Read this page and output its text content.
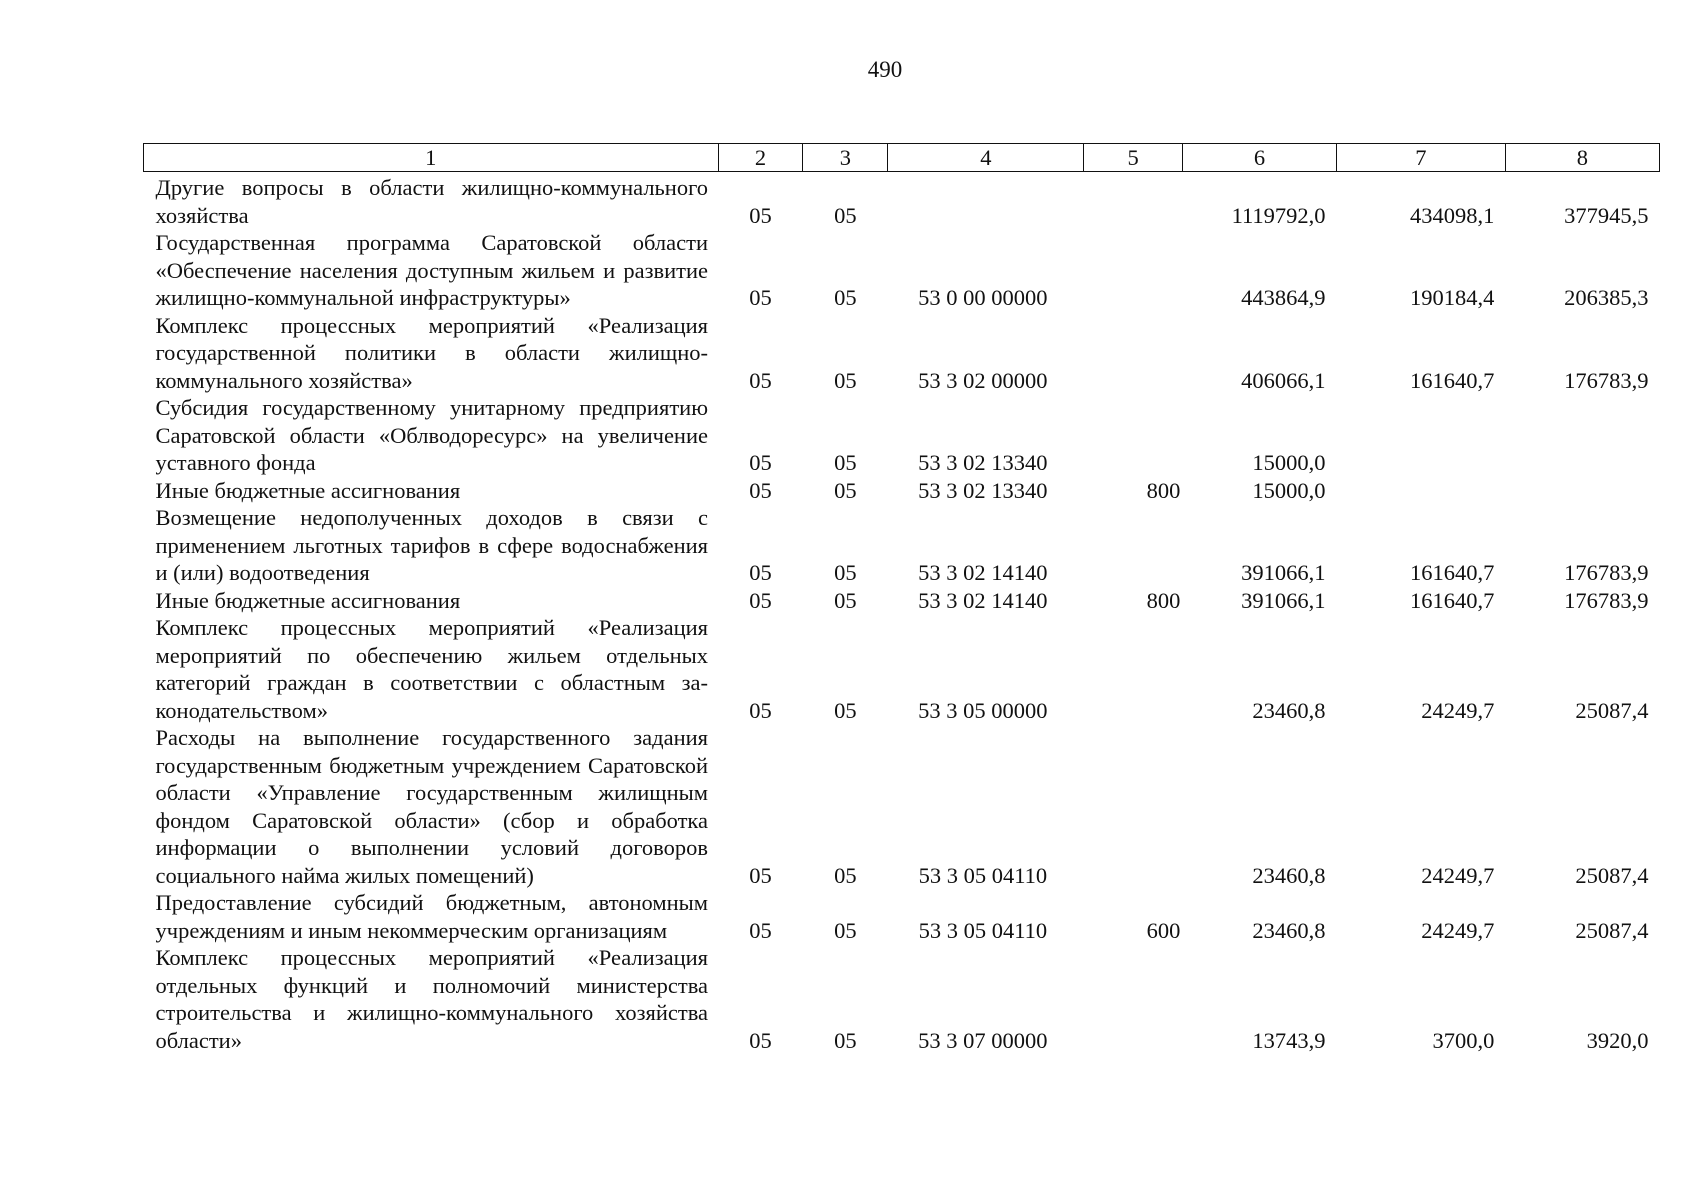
490
1	2	3	4	5	6	7	8
Другие вопросы в области жилищно-коммунального хозяйства	05	05			1119792,0	434098,1	377945,5
Государственная программа Саратовской области «Обеспечение населения доступным жильем и развитие жилищно-коммунальной инфраструктуры»	05	05	53 0 00 00000		443864,9	190184,4	206385,3
Комплекс процессных мероприятий «Реализация государственной политики в области жилищно-коммунального хозяйства»	05	05	53 3 02 00000		406066,1	161640,7	176783,9
Субсидия государственному унитарному предприятию Саратовской области «Облводоресурс» на увеличение уставного фонда	05	05	53 3 02 13340		15000,0		
Иные бюджетные ассигнования	05	05	53 3 02 13340	800	15000,0		
Возмещение недополученных доходов в связи с применением льготных тарифов в сфере водоснабжения и (или) водоотведения	05	05	53 3 02 14140		391066,1	161640,7	176783,9
Иные бюджетные ассигнования	05	05	53 3 02 14140	800	391066,1	161640,7	176783,9
Комплекс процессных мероприятий «Реализация мероприятий по обеспечению жильем отдельных категорий граждан в соответствии с областным законодательством»	05	05	53 3 05 00000		23460,8	24249,7	25087,4
Расходы на выполнение государственного задания государственным бюджетным учреждением Саратовской области «Управление государственным жилищным фондом Саратовской области» (сбор и обработка информации о выполнении условий договоров социального найма жилых помещений)	05	05	53 3 05 04110		23460,8	24249,7	25087,4
Предоставление субсидий бюджетным, автономным учреждениям и иным некоммерческим организациям	05	05	53 3 05 04110	600	23460,8	24249,7	25087,4
Комплекс процессных мероприятий «Реализация отдельных функций и полномочий министерства строительства и жилищно-коммунального хозяйства области»	05	05	53 3 07 00000		13743,9	3700,0	3920,0
